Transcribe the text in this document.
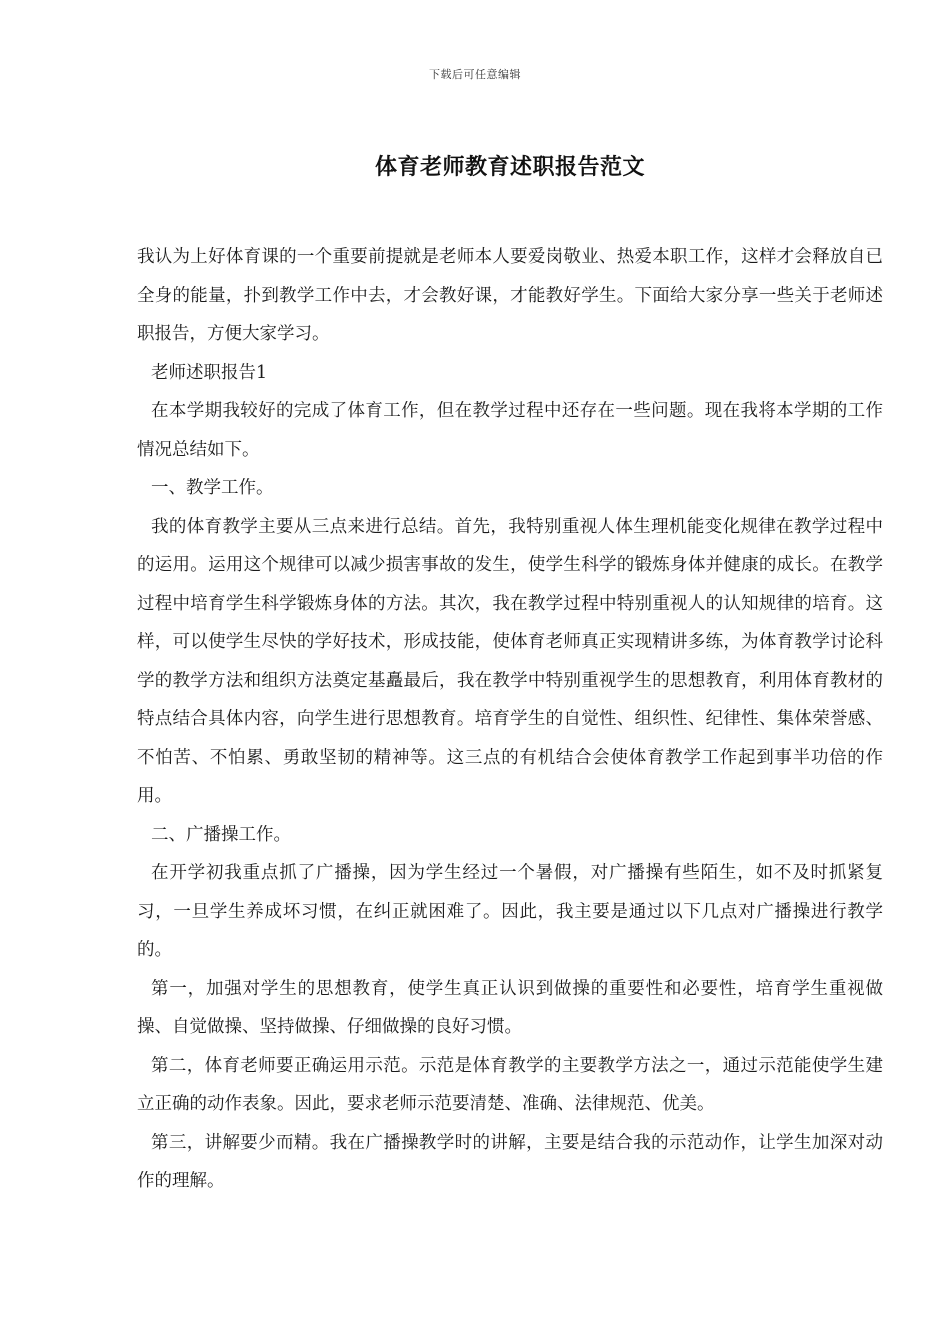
下载后可任意编辑
体育老师教育述职报告范文

我认为上好体育课的一个重要前提就是老师本人要爱岗敬业、热爱本职工作，这样才会释放自已全身的能量，扑到教学工作中去，才会教好课，才能教好学生。下面给大家分享一些关于老师述职报告，方便大家学习。

老师述职报告1

在本学期我较好的完成了体育工作，但在教学过程中还存在一些问题。现在我将本学期的工作情况总结如下。

一、教学工作。

我的体育教学主要从三点来进行总结。首先，我特别重视人体生理机能变化规律在教学过程中的运用。运用这个规律可以减少损害事故的发生，使学生科学的锻炼身体并健康的成长。在教学过程中培育学生科学锻炼身体的方法。其次，我在教学过程中特别重视人的认知规律的培育。这样，可以使学生尽快的学好技术，形成技能，使体育老师真正实现精讲多练，为体育教学讨论科学的教学方法和组织方法奠定基矗最后，我在教学中特别重视学生的思想教育，利用体育教材的特点结合具体内容，向学生进行思想教育。培育学生的自觉性、组织性、纪律性、集体荣誉感、不怕苦、不怕累、勇敢坚韧的精神等。这三点的有机结合会使体育教学工作起到事半功倍的作用。

二、广播操工作。

在开学初我重点抓了广播操，因为学生经过一个暑假，对广播操有些陌生，如不及时抓紧复习，一旦学生养成坏习惯，在纠正就困难了。因此，我主要是通过以下几点对广播操进行教学的。

第一，加强对学生的思想教育，使学生真正认识到做操的重要性和必要性，培育学生重视做操、自觉做操、坚持做操、仔细做操的良好习惯。

第二，体育老师要正确运用示范。示范是体育教学的主要教学方法之一，通过示范能使学生建立正确的动作表象。因此，要求老师示范要清楚、准确、法律规范、优美。

第三，讲解要少而精。我在广播操教学时的讲解，主要是结合我的示范动作，让学生加深对动作的理解。
